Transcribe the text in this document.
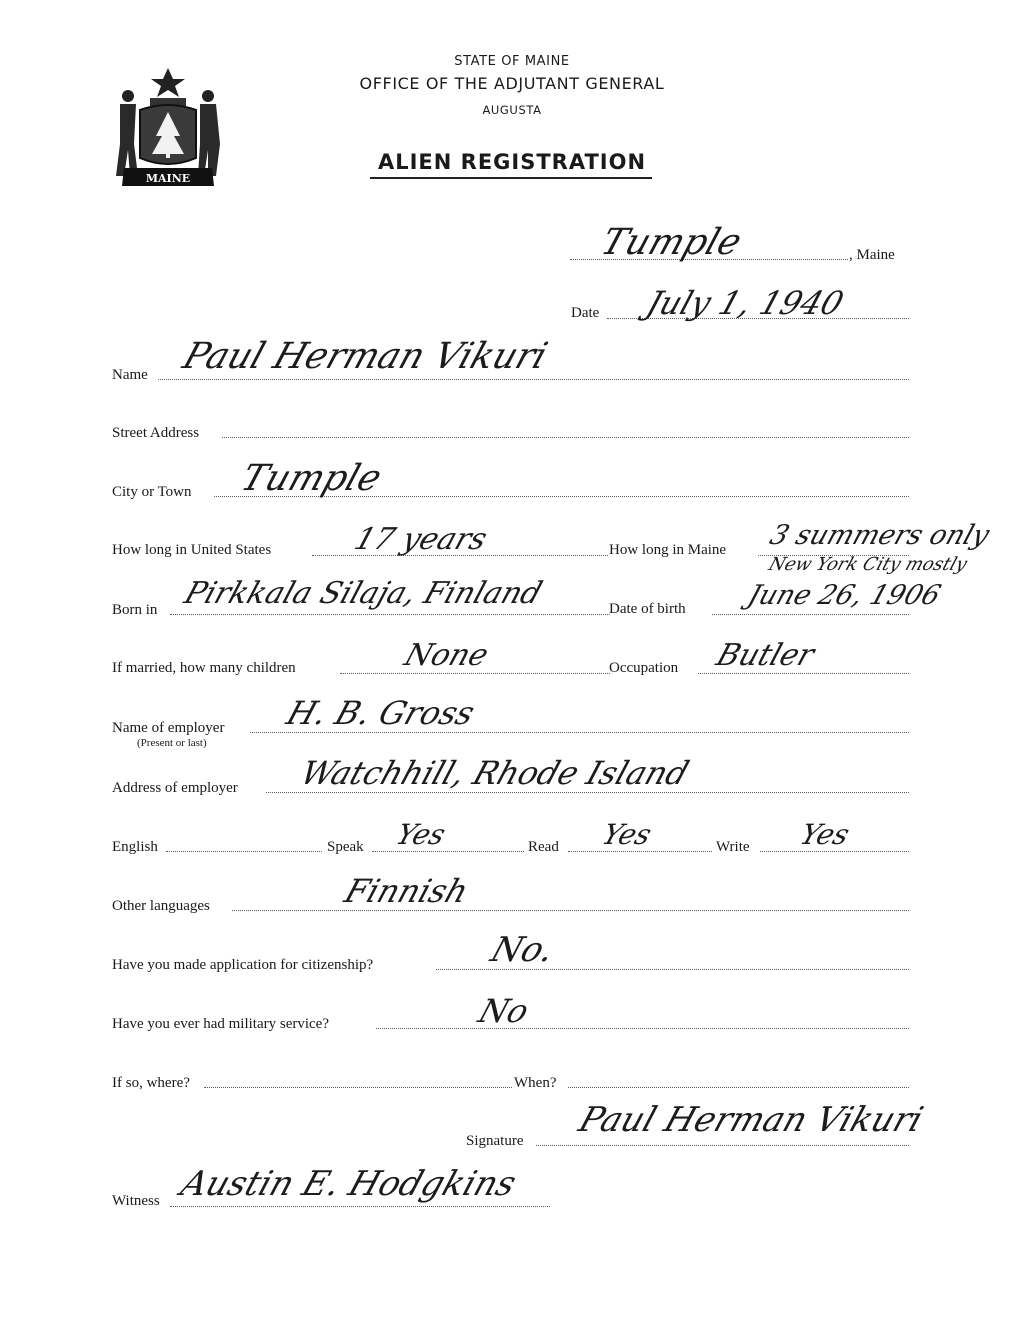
MAINE
STATE OF MAINE
OFFICE OF THE ADJUTANT GENERAL
AUGUSTA
ALIEN REGISTRATION
Tumple	, Maine
Date July 1, 1940
Name Paul Herman Vikuri
Street Address
City or Town Tumple
How long in United States	17 years	How long in Maine 3 summers only
New York City mostly
Born in Pirkkala Silaja, Finland	Date of birth June 26, 1906
If married, how many children	None	Occupation Butler
Name of employer
(Present or last)
H. B. Gross
Address of employer Watchhill, Rhode Island
English	Speak Yes	Read Yes	Write Yes
Other languages	Finnish
Have you made application for citizenship?	No.
Have you ever had military service?	No
If so, where?	When?
Signature
Paul Herman Vikuri
Witness Austin E. Hodgkins
